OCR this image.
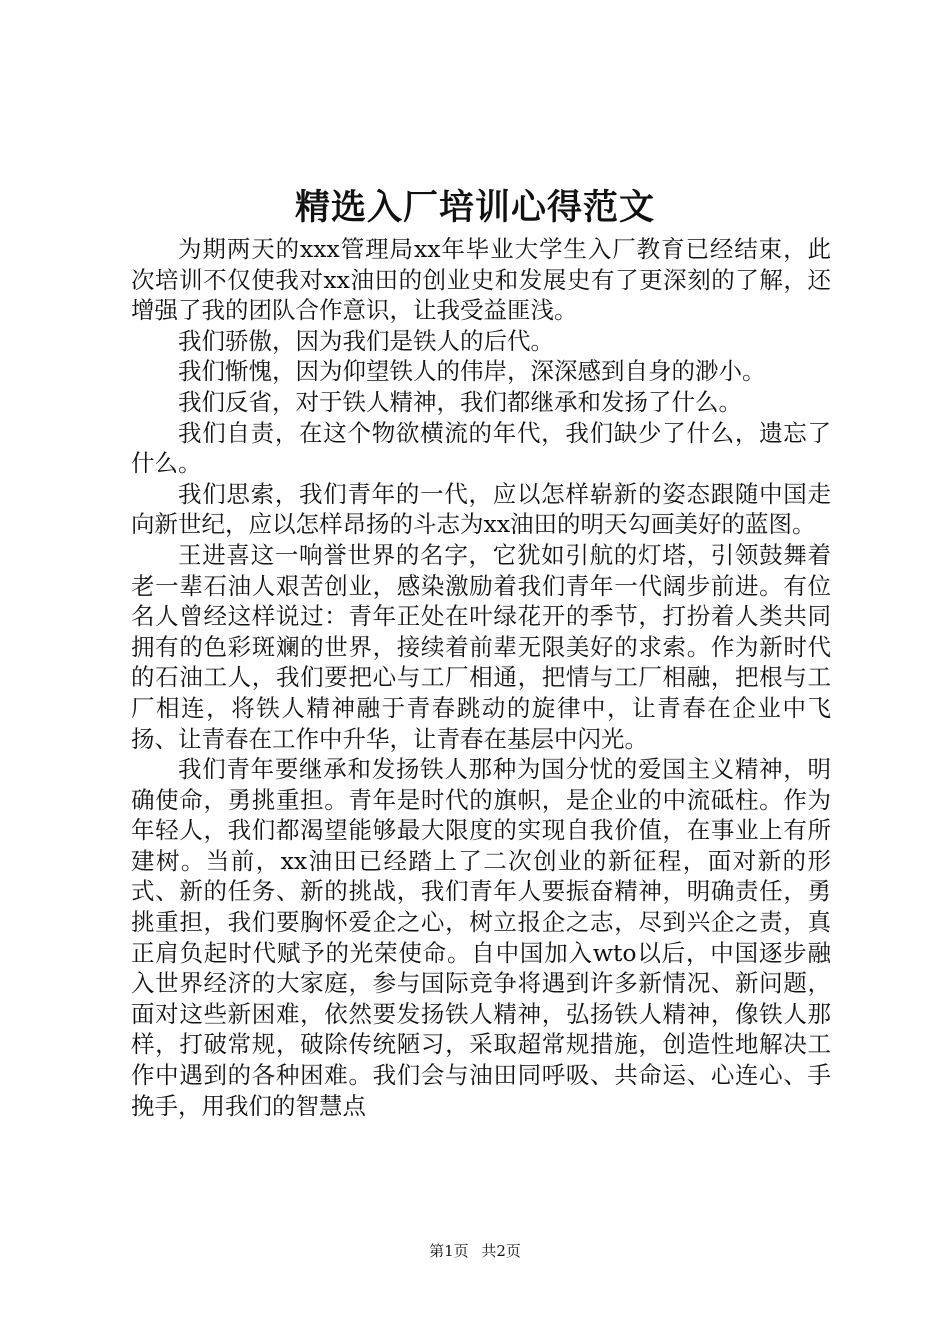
精选入厂培训心得范文

为期两天的xxx管理局xx年毕业大学生入厂教育已经结束，此次培训不仅使我对xx油田的创业史和发展史有了更深刻的了解，还增强了我的团队合作意识，让我受益匪浅。

我们骄傲，因为我们是铁人的后代。

我们惭愧，因为仰望铁人的伟岸，深深感到自身的渺小。

我们反省，对于铁人精神，我们都继承和发扬了什么。

我们自责，在这个物欲横流的年代，我们缺少了什么，遗忘了什么。

我们思索，我们青年的一代，应以怎样崭新的姿态跟随中国走向新世纪，应以怎样昂扬的斗志为xx油田的明天勾画美好的蓝图。

王进喜这一响誉世界的名字，它犹如引航的灯塔，引领鼓舞着老一辈石油人艰苦创业，感染激励着我们青年一代阔步前进。有位名人曾经这样说过：青年正处在叶绿花开的季节，打扮着人类共同拥有的色彩斑斓的世界，接续着前辈无限美好的求索。作为新时代的石油工人，我们要把心与工厂相通，把情与工厂相融，把根与工厂相连，将铁人精神融于青春跳动的旋律中，让青春在企业中飞扬、让青春在工作中升华，让青春在基层中闪光。

我们青年要继承和发扬铁人那种为国分忧的爱国主义精神，明确使命，勇挑重担。青年是时代的旗帜，是企业的中流砥柱。作为年轻人，我们都渴望能够最大限度的实现自我价值，在事业上有所建树。当前，xx油田已经踏上了二次创业的新征程，面对新的形式、新的任务、新的挑战，我们青年人要振奋精神，明确责任，勇挑重担，我们要胸怀爱企之心，树立报企之志，尽到兴企之责，真正肩负起时代赋予的光荣使命。自中国加入wto以后，中国逐步融入世界经济的大家庭，参与国际竞争将遇到许多新情况、新问题，面对这些新困难，依然要发扬铁人精神，弘扬铁人精神，像铁人那样，打破常规，破除传统陋习，采取超常规措施，创造性地解决工作中遇到的各种困难。我们会与油田同呼吸、共命运、心连心、手挽手，用我们的智慧点

第1页 共2页
